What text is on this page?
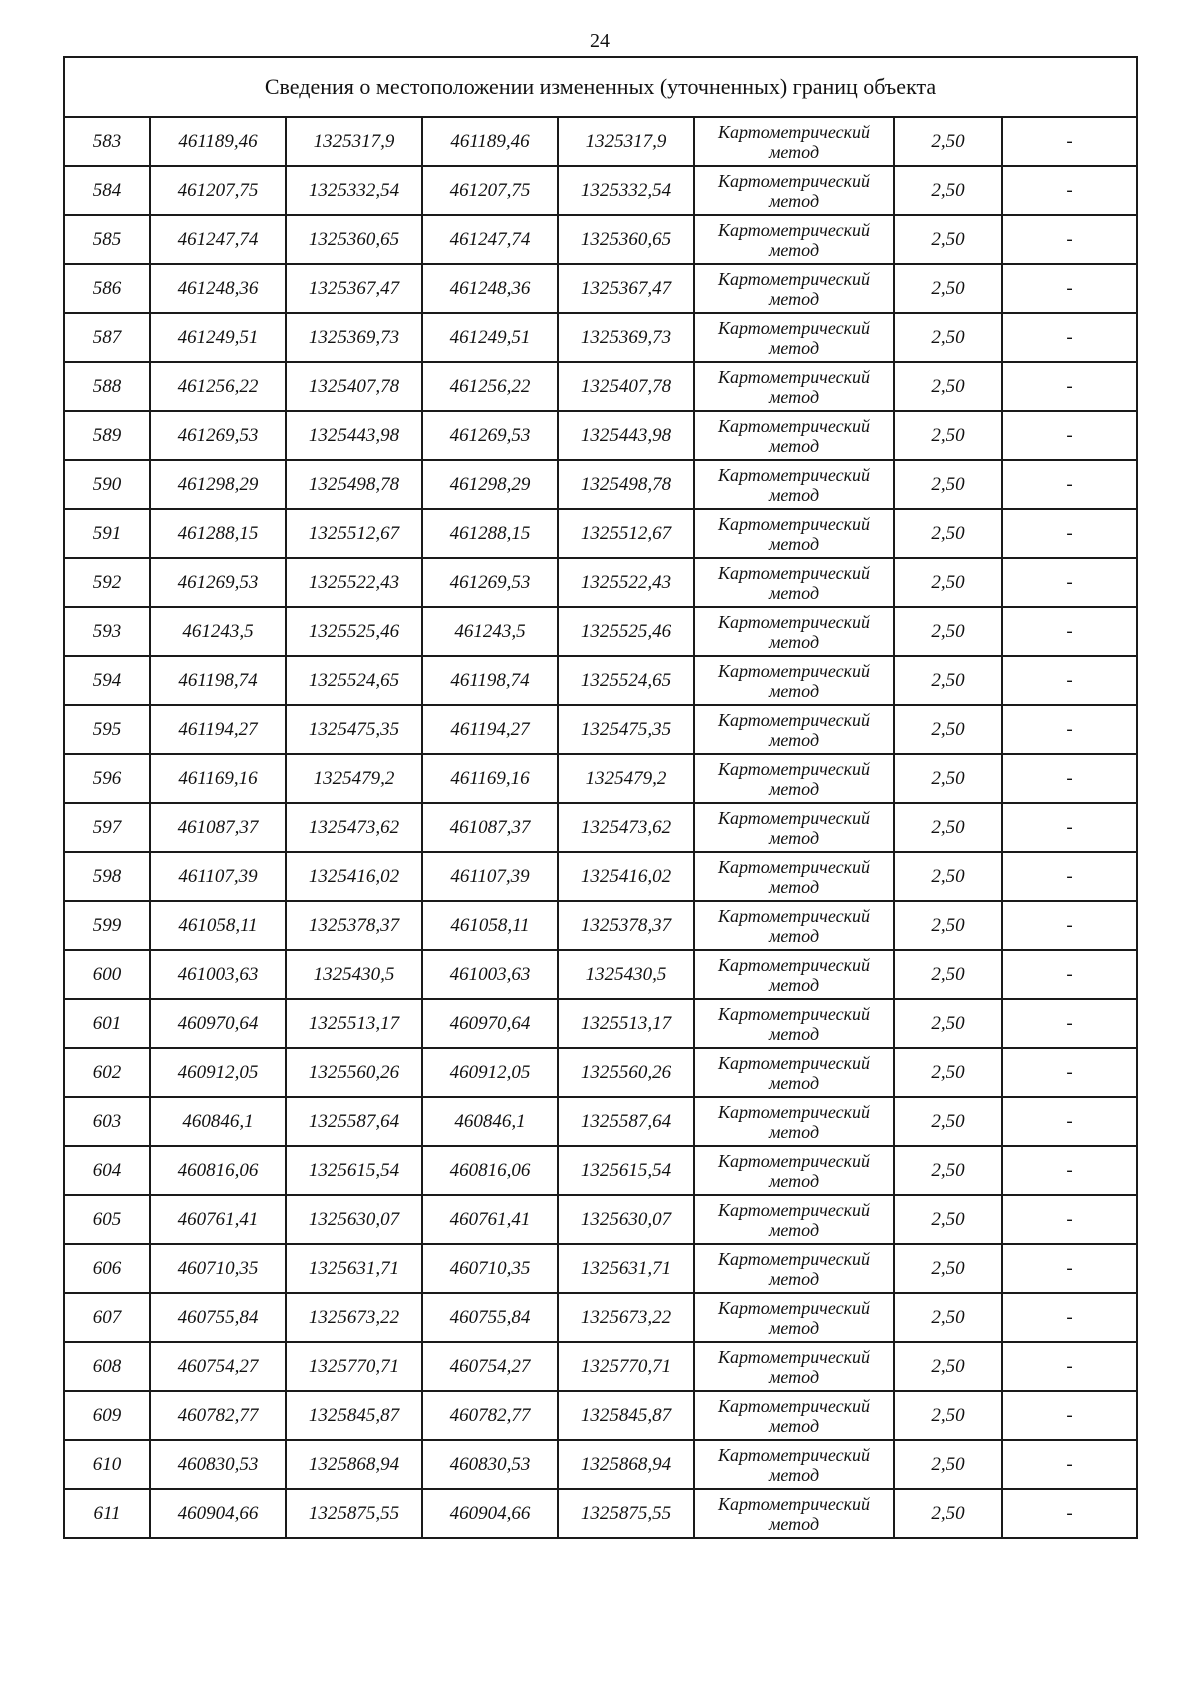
24
Сведения о местоположении измененных (уточненных) границ объекта							
583	461189,46	1325317,9	461189,46	1325317,9	Картометрический метод	2,50	-
584	461207,75	1325332,54	461207,75	1325332,54	Картометрический метод	2,50	-
585	461247,74	1325360,65	461247,74	1325360,65	Картометрический метод	2,50	-
586	461248,36	1325367,47	461248,36	1325367,47	Картометрический метод	2,50	-
587	461249,51	1325369,73	461249,51	1325369,73	Картометрический метод	2,50	-
588	461256,22	1325407,78	461256,22	1325407,78	Картометрический метод	2,50	-
589	461269,53	1325443,98	461269,53	1325443,98	Картометрический метод	2,50	-
590	461298,29	1325498,78	461298,29	1325498,78	Картометрический метод	2,50	-
591	461288,15	1325512,67	461288,15	1325512,67	Картометрический метод	2,50	-
592	461269,53	1325522,43	461269,53	1325522,43	Картометрический метод	2,50	-
593	461243,5	1325525,46	461243,5	1325525,46	Картометрический метод	2,50	-
594	461198,74	1325524,65	461198,74	1325524,65	Картометрический метод	2,50	-
595	461194,27	1325475,35	461194,27	1325475,35	Картометрический метод	2,50	-
596	461169,16	1325479,2	461169,16	1325479,2	Картометрический метод	2,50	-
597	461087,37	1325473,62	461087,37	1325473,62	Картометрический метод	2,50	-
598	461107,39	1325416,02	461107,39	1325416,02	Картометрический метод	2,50	-
599	461058,11	1325378,37	461058,11	1325378,37	Картометрический метод	2,50	-
600	461003,63	1325430,5	461003,63	1325430,5	Картометрический метод	2,50	-
601	460970,64	1325513,17	460970,64	1325513,17	Картометрический метод	2,50	-
602	460912,05	1325560,26	460912,05	1325560,26	Картометрический метод	2,50	-
603	460846,1	1325587,64	460846,1	1325587,64	Картометрический метод	2,50	-
604	460816,06	1325615,54	460816,06	1325615,54	Картометрический метод	2,50	-
605	460761,41	1325630,07	460761,41	1325630,07	Картометрический метод	2,50	-
606	460710,35	1325631,71	460710,35	1325631,71	Картометрический метод	2,50	-
607	460755,84	1325673,22	460755,84	1325673,22	Картометрический метод	2,50	-
608	460754,27	1325770,71	460754,27	1325770,71	Картометрический метод	2,50	-
609	460782,77	1325845,87	460782,77	1325845,87	Картометрический метод	2,50	-
610	460830,53	1325868,94	460830,53	1325868,94	Картометрический метод	2,50	-
611	460904,66	1325875,55	460904,66	1325875,55	Картометрический метод	2,50	-
